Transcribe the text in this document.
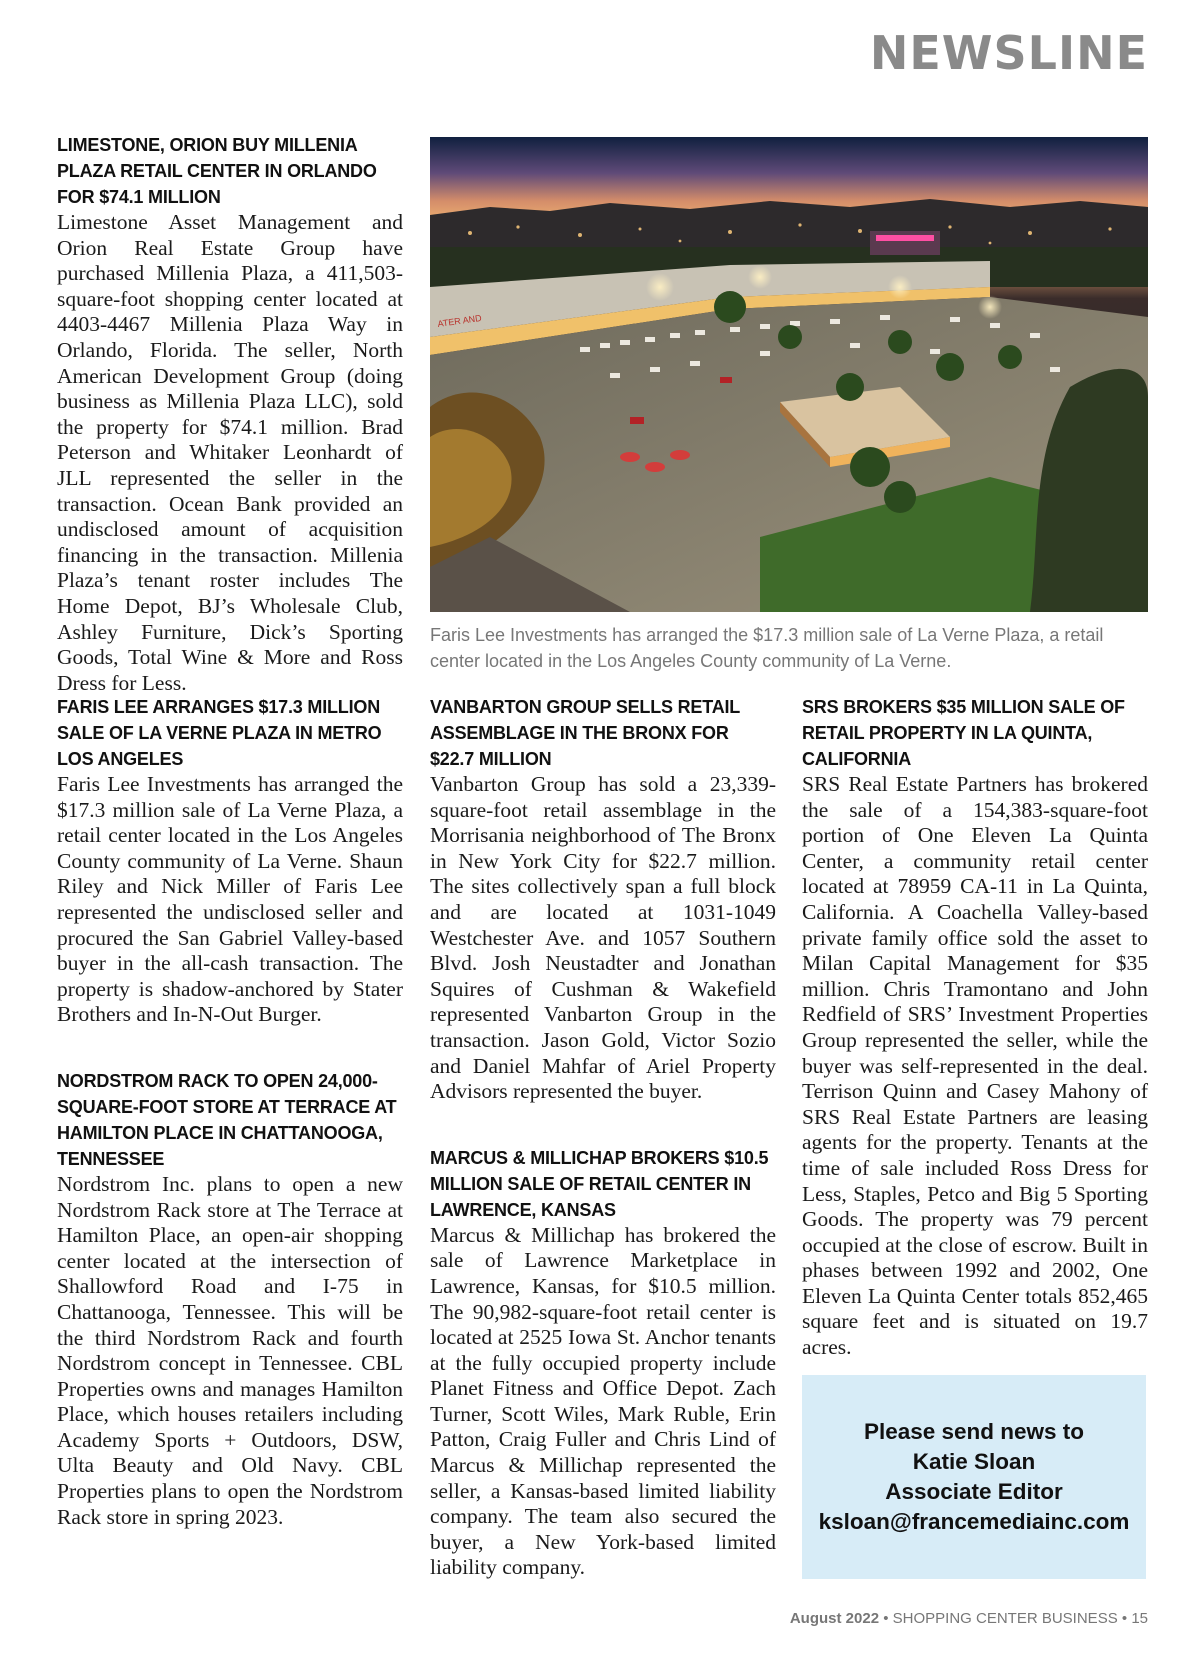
NEWSLINE
LIMESTONE, ORION BUY MILLENIA PLAZA RETAIL CENTER IN ORLANDO FOR $74.1 MILLION

Limestone Asset Management and Orion Real Estate Group have purchased Millenia Plaza, a 411,503-square-foot shopping center located at 4403-4467 Millenia Plaza Way in Orlando, Florida. The seller, North American Development Group (doing business as Millenia Plaza LLC), sold the property for $74.1 million. Brad Peterson and Whitaker Leonhardt of JLL represented the seller in the transaction. Ocean Bank provided an undisclosed amount of acquisition financing in the transaction. Millenia Plaza’s tenant roster includes The Home Depot, BJ’s Wholesale Club, Ashley Furniture, Dick’s Sporting Goods, Total Wine & More and Ross Dress for Less.

ATER AND

Faris Lee Investments has arranged the $17.3 million sale of La Verne Plaza, a retail center located in the Los Angeles County community of La Verne.

FARIS LEE ARRANGES $17.3 MILLION SALE OF LA VERNE PLAZA IN METRO LOS ANGELES

Faris Lee Investments has arranged the $17.3 million sale of La Verne Plaza, a retail center located in the Los Angeles County community of La Verne. Shaun Riley and Nick Miller of Faris Lee represented the undisclosed seller and procured the San Gabriel Valley-based buyer in the all-cash transaction. The property is shadow-anchored by Stater Brothers and In-N-Out Burger.

NORDSTROM RACK TO OPEN 24,000-SQUARE-FOOT STORE AT TERRACE AT HAMILTON PLACE IN CHATTANOOGA, TENNESSEE

Nordstrom Inc. plans to open a new Nordstrom Rack store at The Terrace at Hamilton Place, an open-air shopping center located at the intersection of Shallowford Road and I-75 in Chattanooga, Tennessee. This will be the third Nordstrom Rack and fourth Nordstrom concept in Tennessee. CBL Properties owns and manages Hamilton Place, which houses retailers including Academy Sports + Outdoors, DSW, Ulta Beauty and Old Navy. CBL Properties plans to open the Nordstrom Rack store in spring 2023.

VANBARTON GROUP SELLS RETAIL ASSEMBLAGE IN THE BRONX FOR $22.7 MILLION

Vanbarton Group has sold a 23,339-square-foot retail assemblage in the Morrisania neighborhood of The Bronx in New York City for $22.7 million. The sites collectively span a full block and are located at 1031-1049 Westchester Ave. and 1057 Southern Blvd. Josh Neustadter and Jonathan Squires of Cushman & Wakefield represented Vanbarton Group in the transaction. Jason Gold, Victor Sozio and Daniel Mahfar of Ariel Property Advisors represented the buyer.

MARCUS & MILLICHAP BROKERS $10.5 MILLION SALE OF RETAIL CENTER IN LAWRENCE, KANSAS

Marcus & Millichap has brokered the sale of Lawrence Marketplace in Lawrence, Kansas, for $10.5 million. The 90,982-square-foot retail center is located at 2525 Iowa St. Anchor tenants at the fully occupied property include Planet Fitness and Office Depot. Zach Turner, Scott Wiles, Mark Ruble, Erin Patton, Craig Fuller and Chris Lind of Marcus & Millichap represented the seller, a Kansas-based limited liability company. The team also secured the buyer, a New York-based limited liability company.

SRS BROKERS $35 MILLION SALE OF RETAIL PROPERTY IN LA QUINTA, CALIFORNIA

SRS Real Estate Partners has brokered the sale of a 154,383-square-foot portion of One Eleven La Quinta Center, a community retail center located at 78959 CA-11 in La Quinta, California. A Coachella Valley-based private family office sold the asset to Milan Capital Management for $35 million. Chris Tramontano and John Redfield of SRS’ Investment Properties Group represented the seller, while the buyer was self-represented in the deal. Terrison Quinn and Casey Mahony of SRS Real Estate Partners are leasing agents for the property. Tenants at the time of sale included Ross Dress for Less, Staples, Petco and Big 5 Sporting Goods. The property was 79 percent occupied at the close of escrow. Built in phases between 1992 and 2002, One Eleven La Quinta Center totals 852,465 square feet and is situated on 19.7 acres.

Please send news to
Katie Sloan
Associate Editor
ksloan@francemediainc.com
August 2022 • SHOPPING CENTER BUSINESS • 15
